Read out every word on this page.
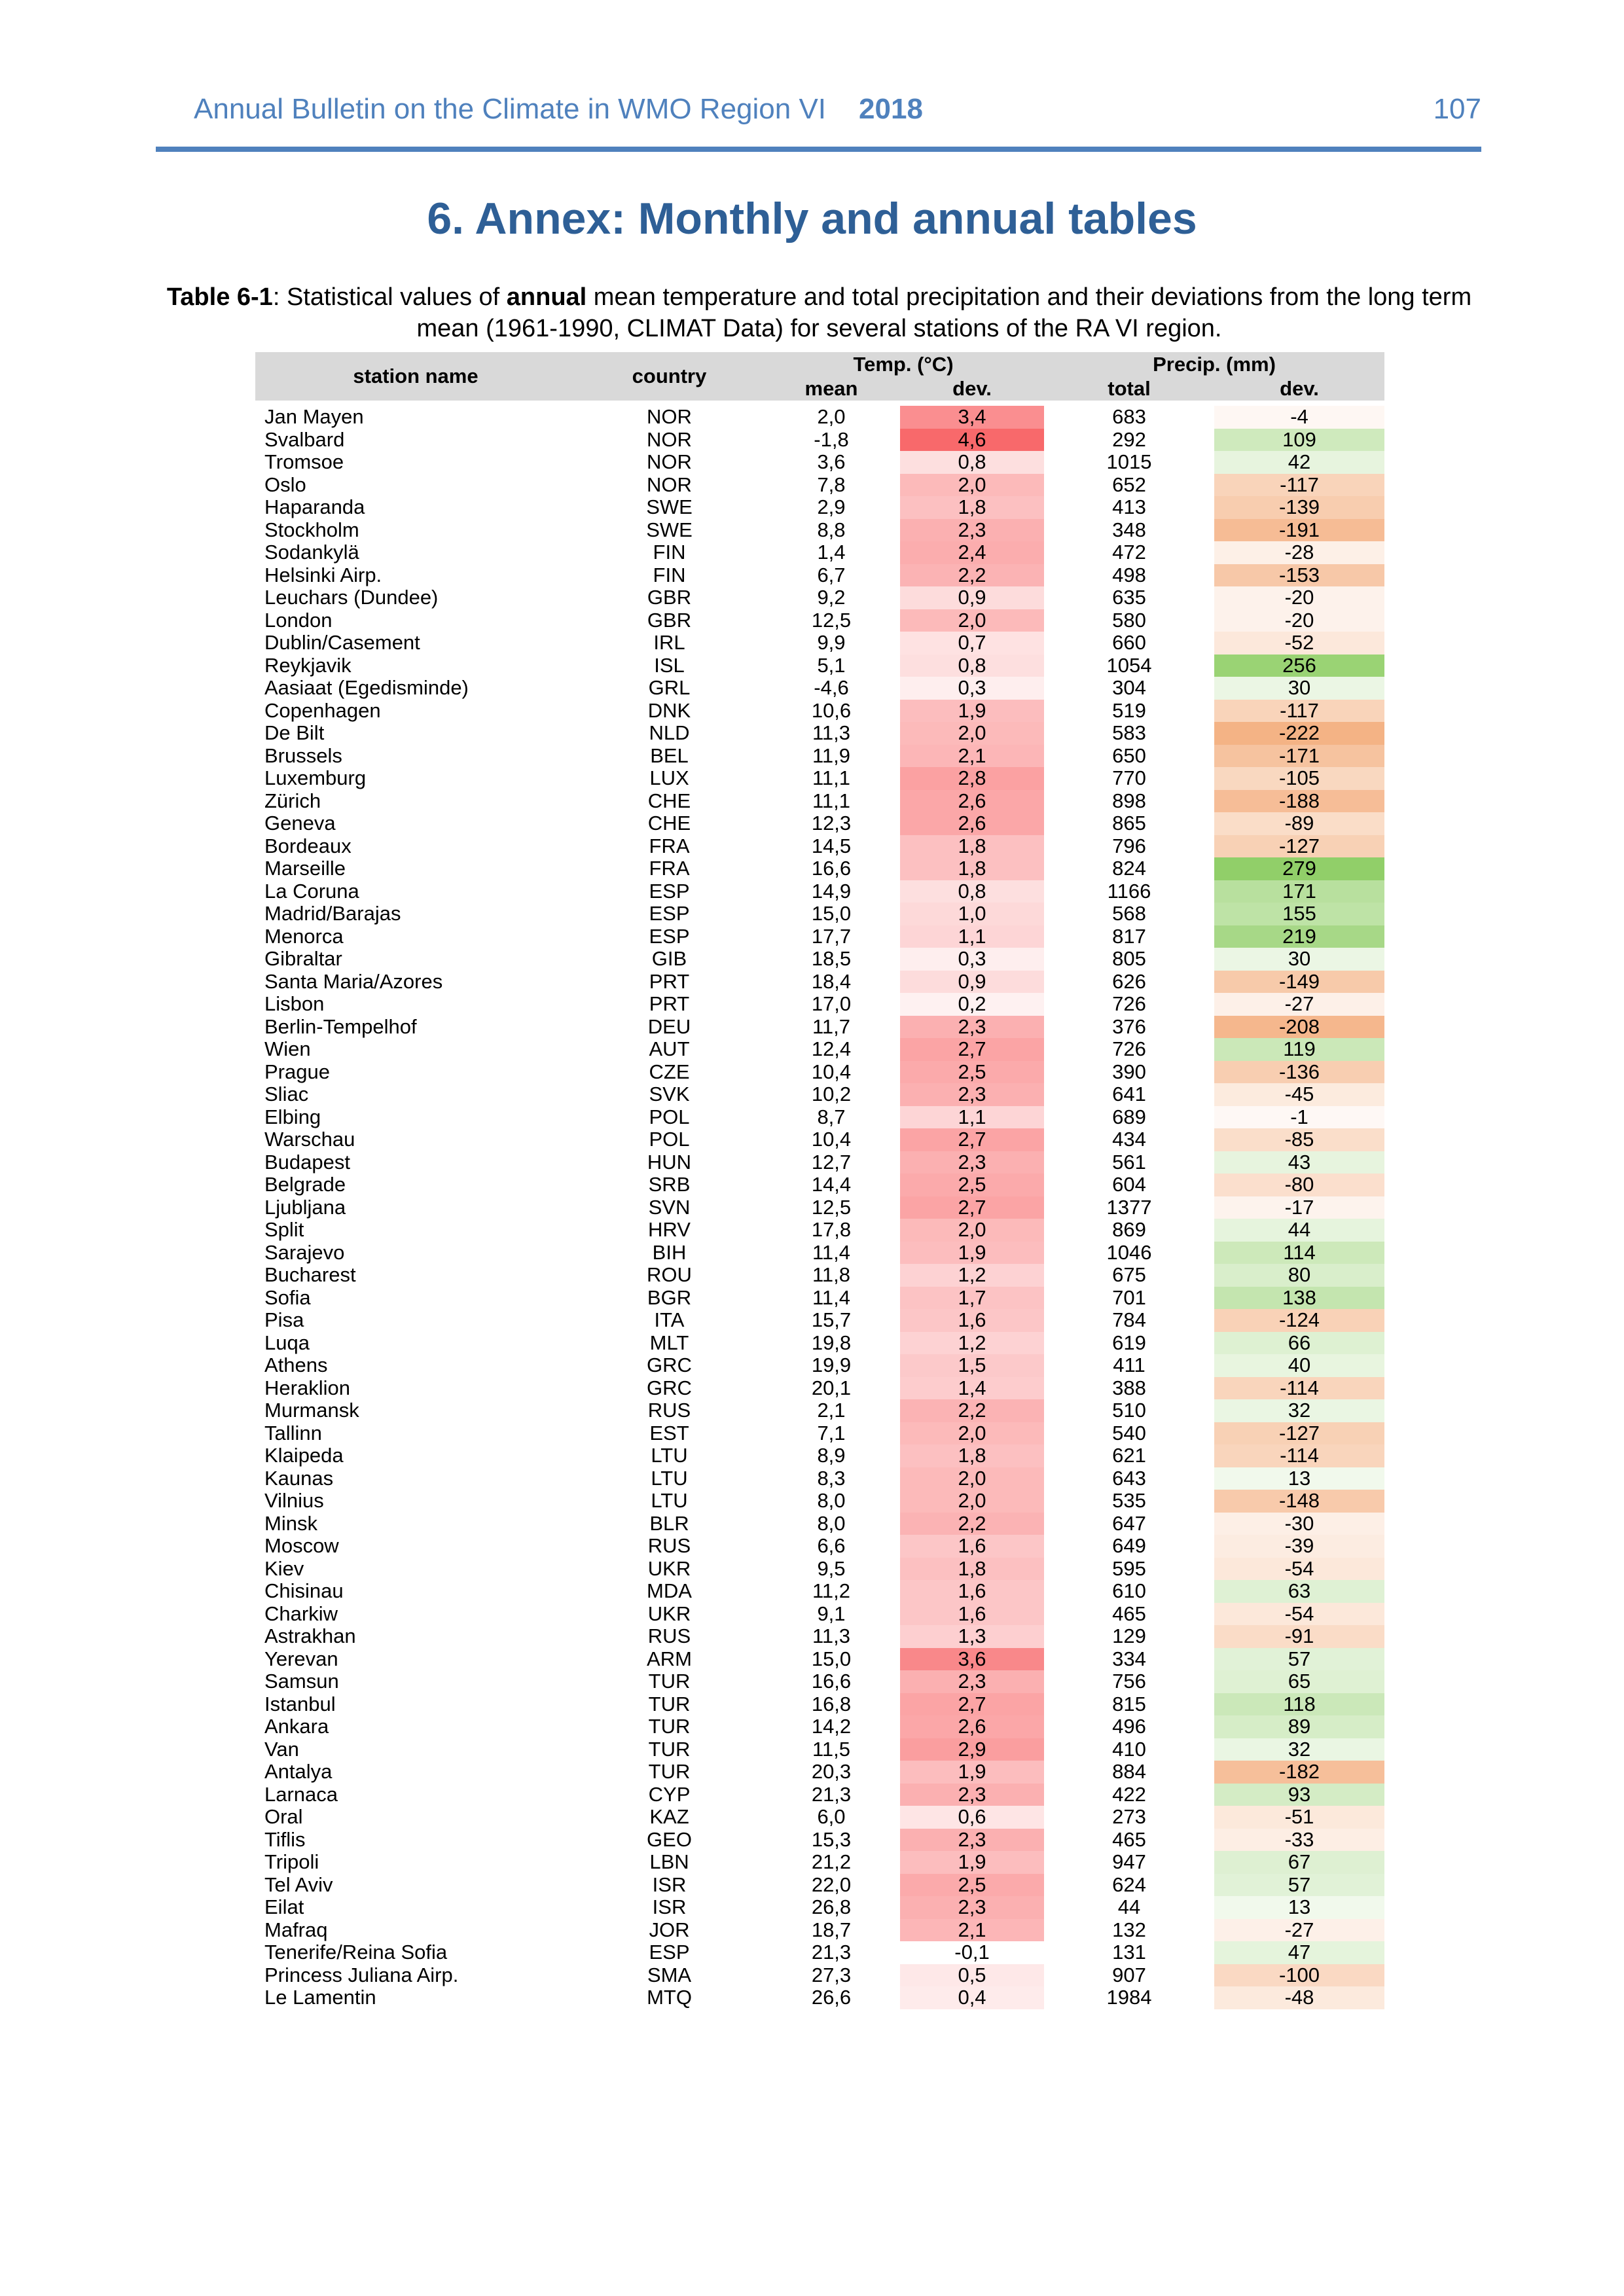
Annual Bulletin on the Climate in WMO Region VI 2018	107
6. Annex: Monthly and annual tables
Table 6-1: Statistical values of annual mean temperature and total precipitation and their deviations from the long term mean (1961-1990, CLIMAT Data) for several stations of the RA VI region.
station name	country	Temp. (°C)		Precip. (mm)	
		mean	dev.	total	dev.

Jan Mayen	NOR	2,0	3,4	683	-4
Svalbard	NOR	-1,8	4,6	292	109
Tromsoe	NOR	3,6	0,8	1015	42
Oslo	NOR	7,8	2,0	652	-117
Haparanda	SWE	2,9	1,8	413	-139
Stockholm	SWE	8,8	2,3	348	-191
Sodankylä	FIN	1,4	2,4	472	-28
Helsinki Airp.	FIN	6,7	2,2	498	-153
Leuchars (Dundee)	GBR	9,2	0,9	635	-20
London	GBR	12,5	2,0	580	-20
Dublin/Casement	IRL	9,9	0,7	660	-52
Reykjavik	ISL	5,1	0,8	1054	256
Aasiaat (Egedisminde)	GRL	-4,6	0,3	304	30
Copenhagen	DNK	10,6	1,9	519	-117
De Bilt	NLD	11,3	2,0	583	-222
Brussels	BEL	11,9	2,1	650	-171
Luxemburg	LUX	11,1	2,8	770	-105
Zürich	CHE	11,1	2,6	898	-188
Geneva	CHE	12,3	2,6	865	-89
Bordeaux	FRA	14,5	1,8	796	-127
Marseille	FRA	16,6	1,8	824	279
La Coruna	ESP	14,9	0,8	1166	171
Madrid/Barajas	ESP	15,0	1,0	568	155
Menorca	ESP	17,7	1,1	817	219
Gibraltar	GIB	18,5	0,3	805	30
Santa Maria/Azores	PRT	18,4	0,9	626	-149
Lisbon	PRT	17,0	0,2	726	-27
Berlin-Tempelhof	DEU	11,7	2,3	376	-208
Wien	AUT	12,4	2,7	726	119
Prague	CZE	10,4	2,5	390	-136
Sliac	SVK	10,2	2,3	641	-45
Elbing	POL	8,7	1,1	689	-1
Warschau	POL	10,4	2,7	434	-85
Budapest	HUN	12,7	2,3	561	43
Belgrade	SRB	14,4	2,5	604	-80
Ljubljana	SVN	12,5	2,7	1377	-17
Split	HRV	17,8	2,0	869	44
Sarajevo	BIH	11,4	1,9	1046	114
Bucharest	ROU	11,8	1,2	675	80
Sofia	BGR	11,4	1,7	701	138
Pisa	ITA	15,7	1,6	784	-124
Luqa	MLT	19,8	1,2	619	66
Athens	GRC	19,9	1,5	411	40
Heraklion	GRC	20,1	1,4	388	-114
Murmansk	RUS	2,1	2,2	510	32
Tallinn	EST	7,1	2,0	540	-127
Klaipeda	LTU	8,9	1,8	621	-114
Kaunas	LTU	8,3	2,0	643	13
Vilnius	LTU	8,0	2,0	535	-148
Minsk	BLR	8,0	2,2	647	-30
Moscow	RUS	6,6	1,6	649	-39
Kiev	UKR	9,5	1,8	595	-54
Chisinau	MDA	11,2	1,6	610	63
Charkiw	UKR	9,1	1,6	465	-54
Astrakhan	RUS	11,3	1,3	129	-91
Yerevan	ARM	15,0	3,6	334	57
Samsun	TUR	16,6	2,3	756	65
Istanbul	TUR	16,8	2,7	815	118
Ankara	TUR	14,2	2,6	496	89
Van	TUR	11,5	2,9	410	32
Antalya	TUR	20,3	1,9	884	-182
Larnaca	CYP	21,3	2,3	422	93
Oral	KAZ	6,0	0,6	273	-51
Tiflis	GEO	15,3	2,3	465	-33
Tripoli	LBN	21,2	1,9	947	67
Tel Aviv	ISR	22,0	2,5	624	57
Eilat	ISR	26,8	2,3	44	13
Mafraq	JOR	18,7	2,1	132	-27
Tenerife/Reina Sofia	ESP	21,3	-0,1	131	47
Princess Juliana Airp.	SMA	27,3	0,5	907	-100
Le Lamentin	MTQ	26,6	0,4	1984	-48
